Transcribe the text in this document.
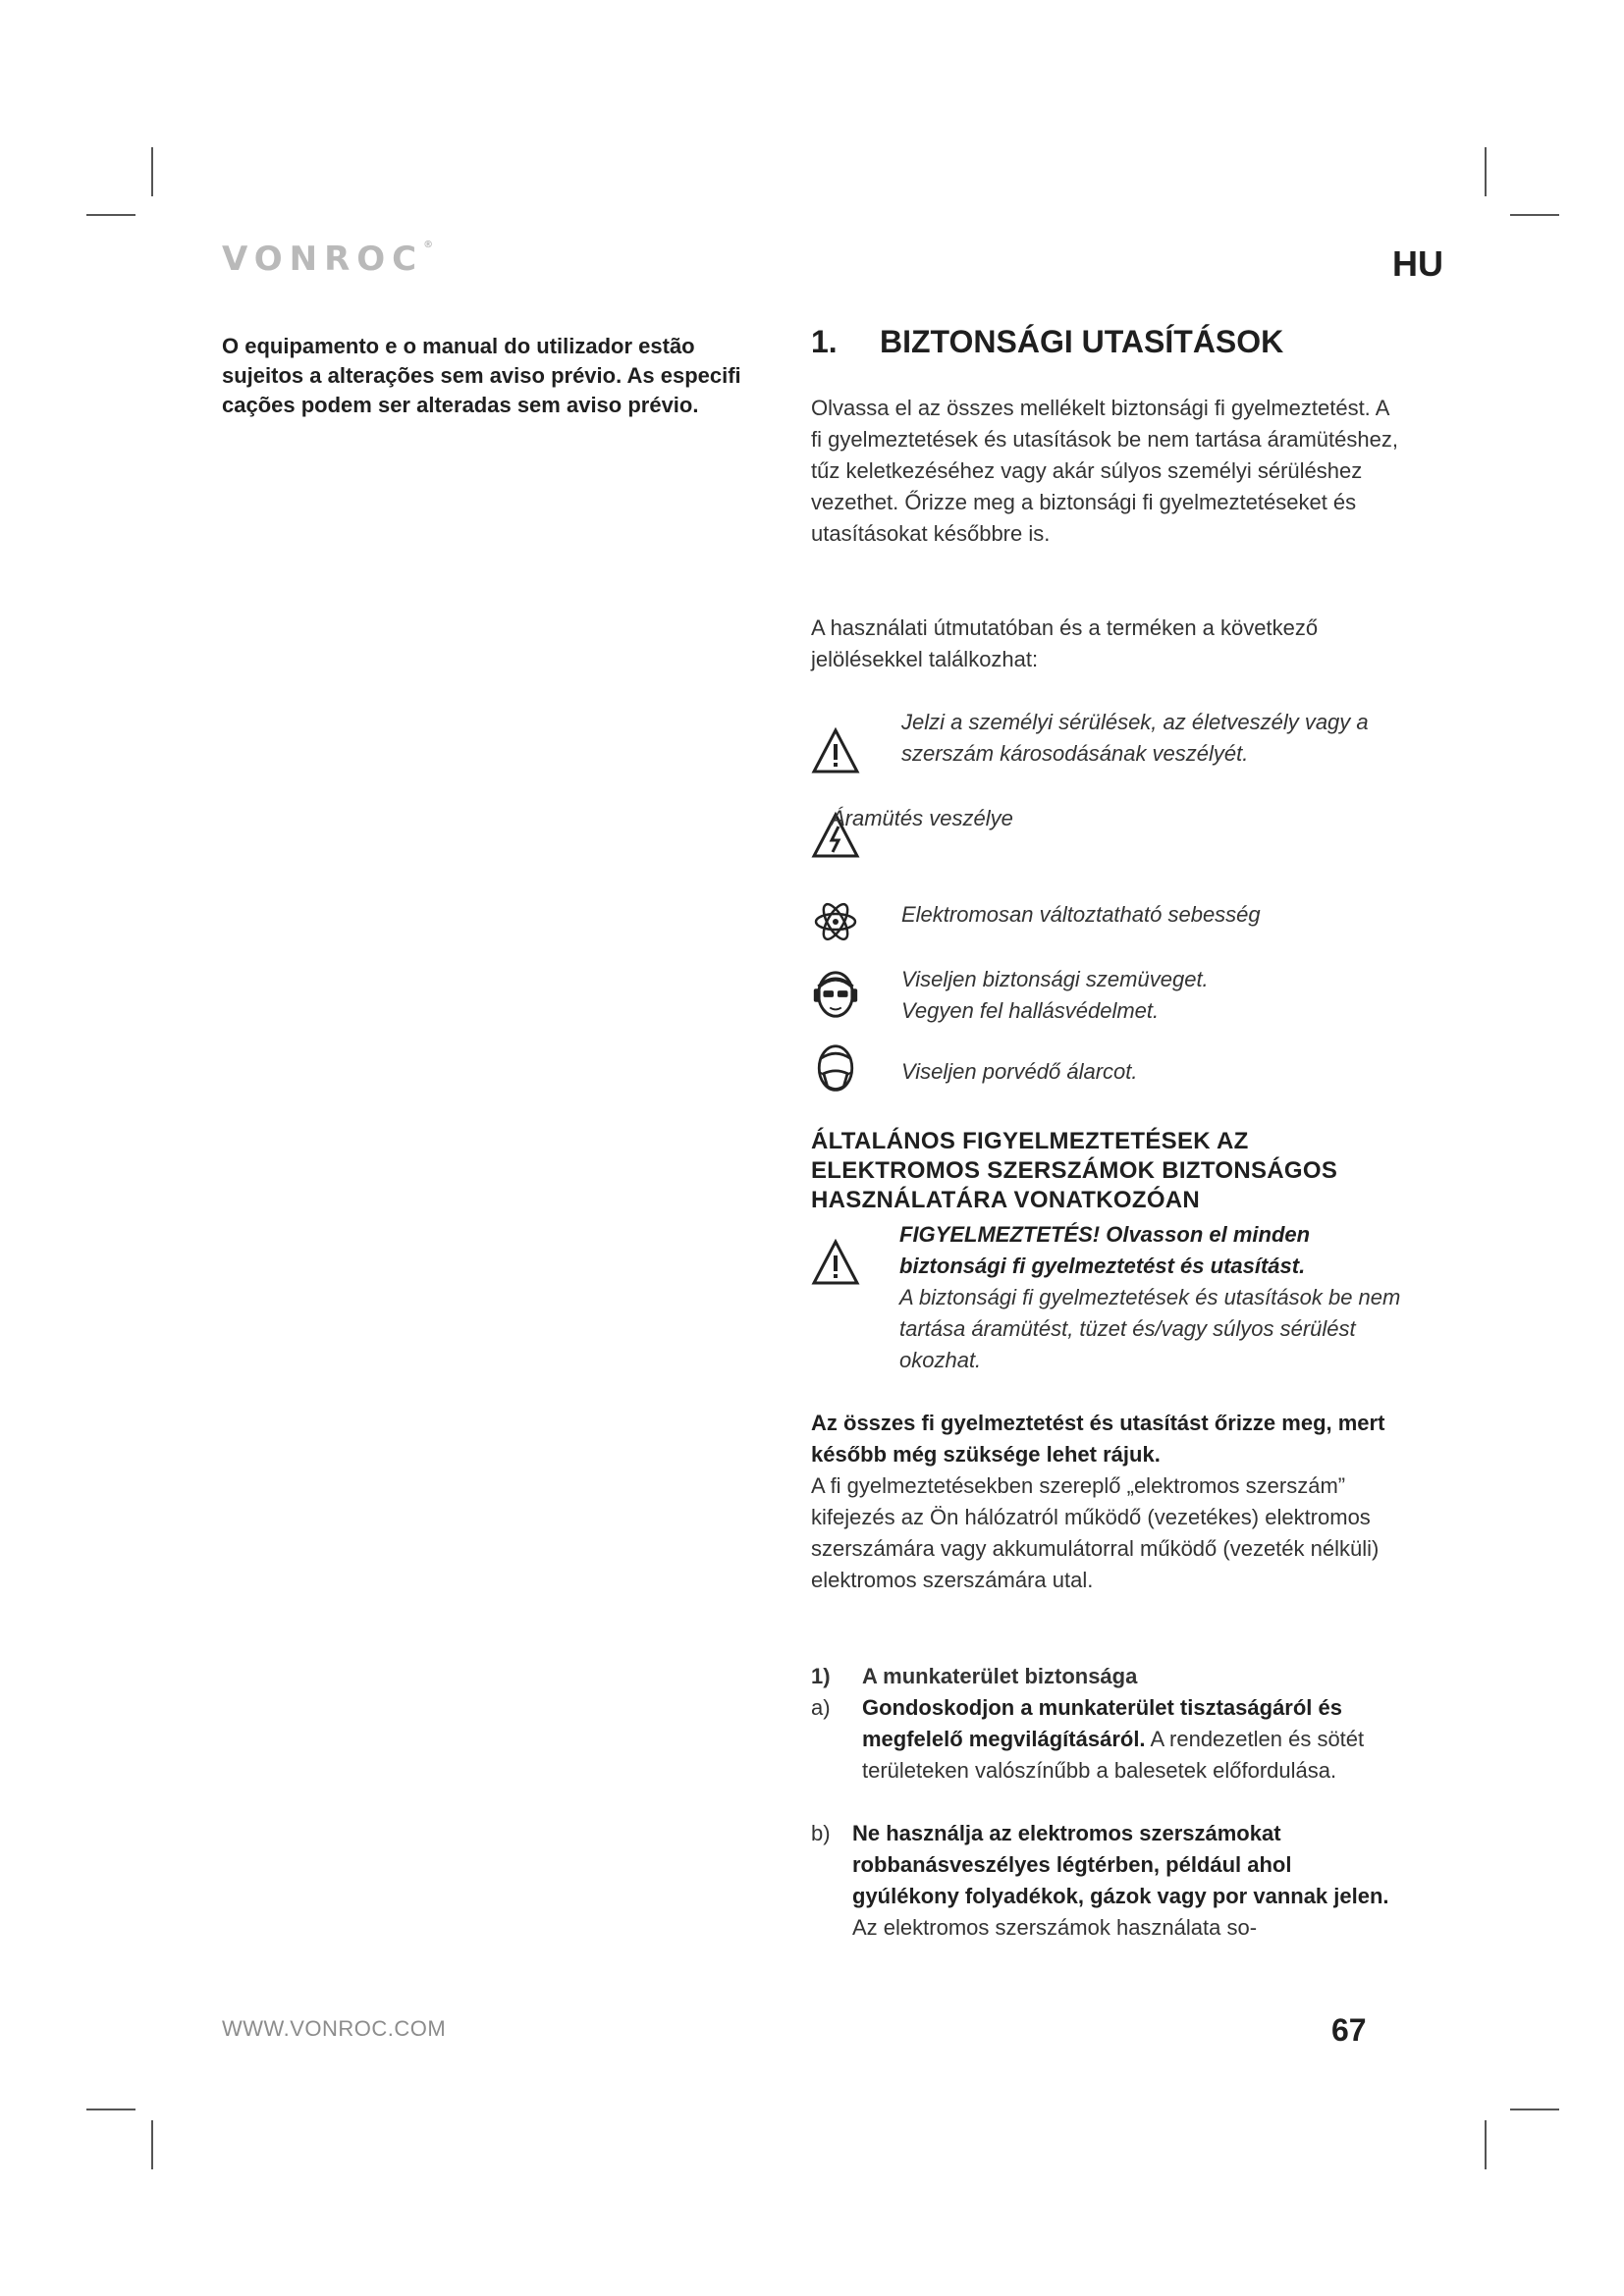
VONROC®	HU
O equipamento e o manual do utilizador estão sujeitos a alterações sem aviso prévio. As especifi cações podem ser alteradas sem aviso prévio.
1. BIZTONSÁGI UTASÍTÁSOK
Olvassa el az összes mellékelt biztonsági fi gyelmeztetést. A fi gyelmeztetések és utasítások be nem tartása áramütéshez, tűz keletkezéséhez vagy akár súlyos személyi sérüléshez vezethet. Őrizze meg a biztonsági fi gyelmeztetéseket és utasításokat későbbre is.
A használati útmutatóban és a terméken a következő jelölésekkel találkozhat:
Jelzi a személyi sérülések, az életveszély vagy a szerszám károsodásának veszélyét.
Áramütés veszélye
Elektromosan változtatható sebesség
Viseljen biztonsági szemüveget.
Vegyen fel hallásvédelmet.
Viseljen porvédő álarcot.
ÁLTALÁNOS FIGYELMEZTETÉSEK AZ ELEKTROMOS SZERSZÁMOK BIZTONSÁGOS HASZNÁLATÁRA VONATKOZÓAN
FIGYELMEZTETÉS! Olvasson el minden biztonsági fi gyelmeztetést és utasítást.
A biztonsági fi gyelmeztetések és utasítások be nem tartása áramütést, tüzet és/vagy súlyos sérülést okozhat.
Az összes fi gyelmeztetést és utasítást őrizze meg, mert később még szüksége lehet rájuk.
A fi gyelmeztetésekben szereplő „elektromos szerszám” kifejezés az Ön hálózatról működő (vezetékes) elektromos szerszámára vagy akkumulátorral működő (vezeték nélküli) elektromos szerszámára utal.
1) A munkaterület biztonsága
a) Gondoskodjon a munkaterület tisztaságáról és megfelelő megvilágításáról. A rendezetlen és sötét területeken valószínűbb a balesetek előfordulása.
b) Ne használja az elektromos szerszámokat robbanásveszélyes légtérben, például ahol gyúlékony folyadékok, gázok vagy por vannak jelen. Az elektromos szerszámok használata so-
WWW.VONROC.COM	67
